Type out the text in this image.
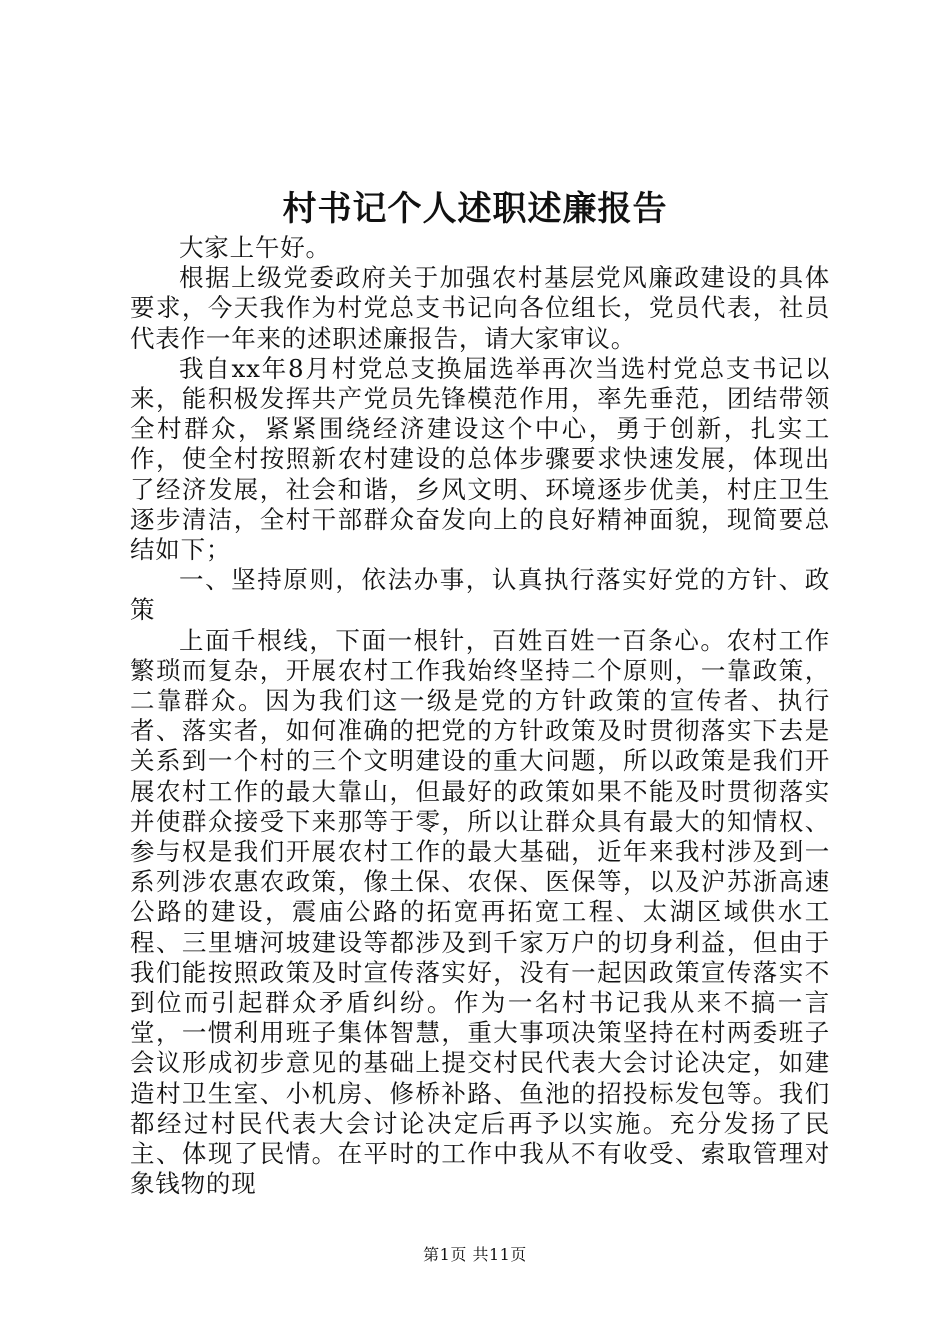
村书记个人述职述廉报告

大家上午好。

根据上级党委政府关于加强农村基层党风廉政建设的具体要求，今天我作为村党总支书记向各位组长，党员代表，社员代表作一年来的述职述廉报告，请大家审议。

我自xx年8月村党总支换届选举再次当选村党总支书记以来，能积极发挥共产党员先锋模范作用，率先垂范，团结带领全村群众，紧紧围绕经济建设这个中心，勇于创新，扎实工作，使全村按照新农村建设的总体步骤要求快速发展，体现出了经济发展，社会和谐，乡风文明、环境逐步优美，村庄卫生逐步清洁，全村干部群众奋发向上的良好精神面貌，现简要总结如下；

一、坚持原则，依法办事，认真执行落实好党的方针、政策

上面千根线，下面一根针，百姓百姓一百条心。农村工作繁琐而复杂，开展农村工作我始终坚持二个原则，一靠政策，二靠群众。因为我们这一级是党的方针政策的宣传者、执行者、落实者，如何准确的把党的方针政策及时贯彻落实下去是关系到一个村的三个文明建设的重大问题，所以政策是我们开展农村工作的最大靠山，但最好的政策如果不能及时贯彻落实并使群众接受下来那等于零，所以让群众具有最大的知情权、参与权是我们开展农村工作的最大基础，近年来我村涉及到一系列涉农惠农政策，像土保、农保、医保等，以及沪苏浙高速公路的建设，震庙公路的拓宽再拓宽工程、太湖区域供水工程、三里塘河坡建设等都涉及到千家万户的切身利益，但由于我们能按照政策及时宣传落实好，没有一起因政策宣传落实不到位而引起群众矛盾纠纷。作为一名村书记我从来不搞一言堂，一惯利用班子集体智慧，重大事项决策坚持在村两委班子会议形成初步意见的基础上提交村民代表大会讨论决定，如建造村卫生室、小机房、修桥补路、鱼池的招投标发包等。我们都经过村民代表大会讨论决定后再予以实施。充分发扬了民主、体现了民情。在平时的工作中我从不有收受、索取管理对象钱物的现

第1页 共11页
